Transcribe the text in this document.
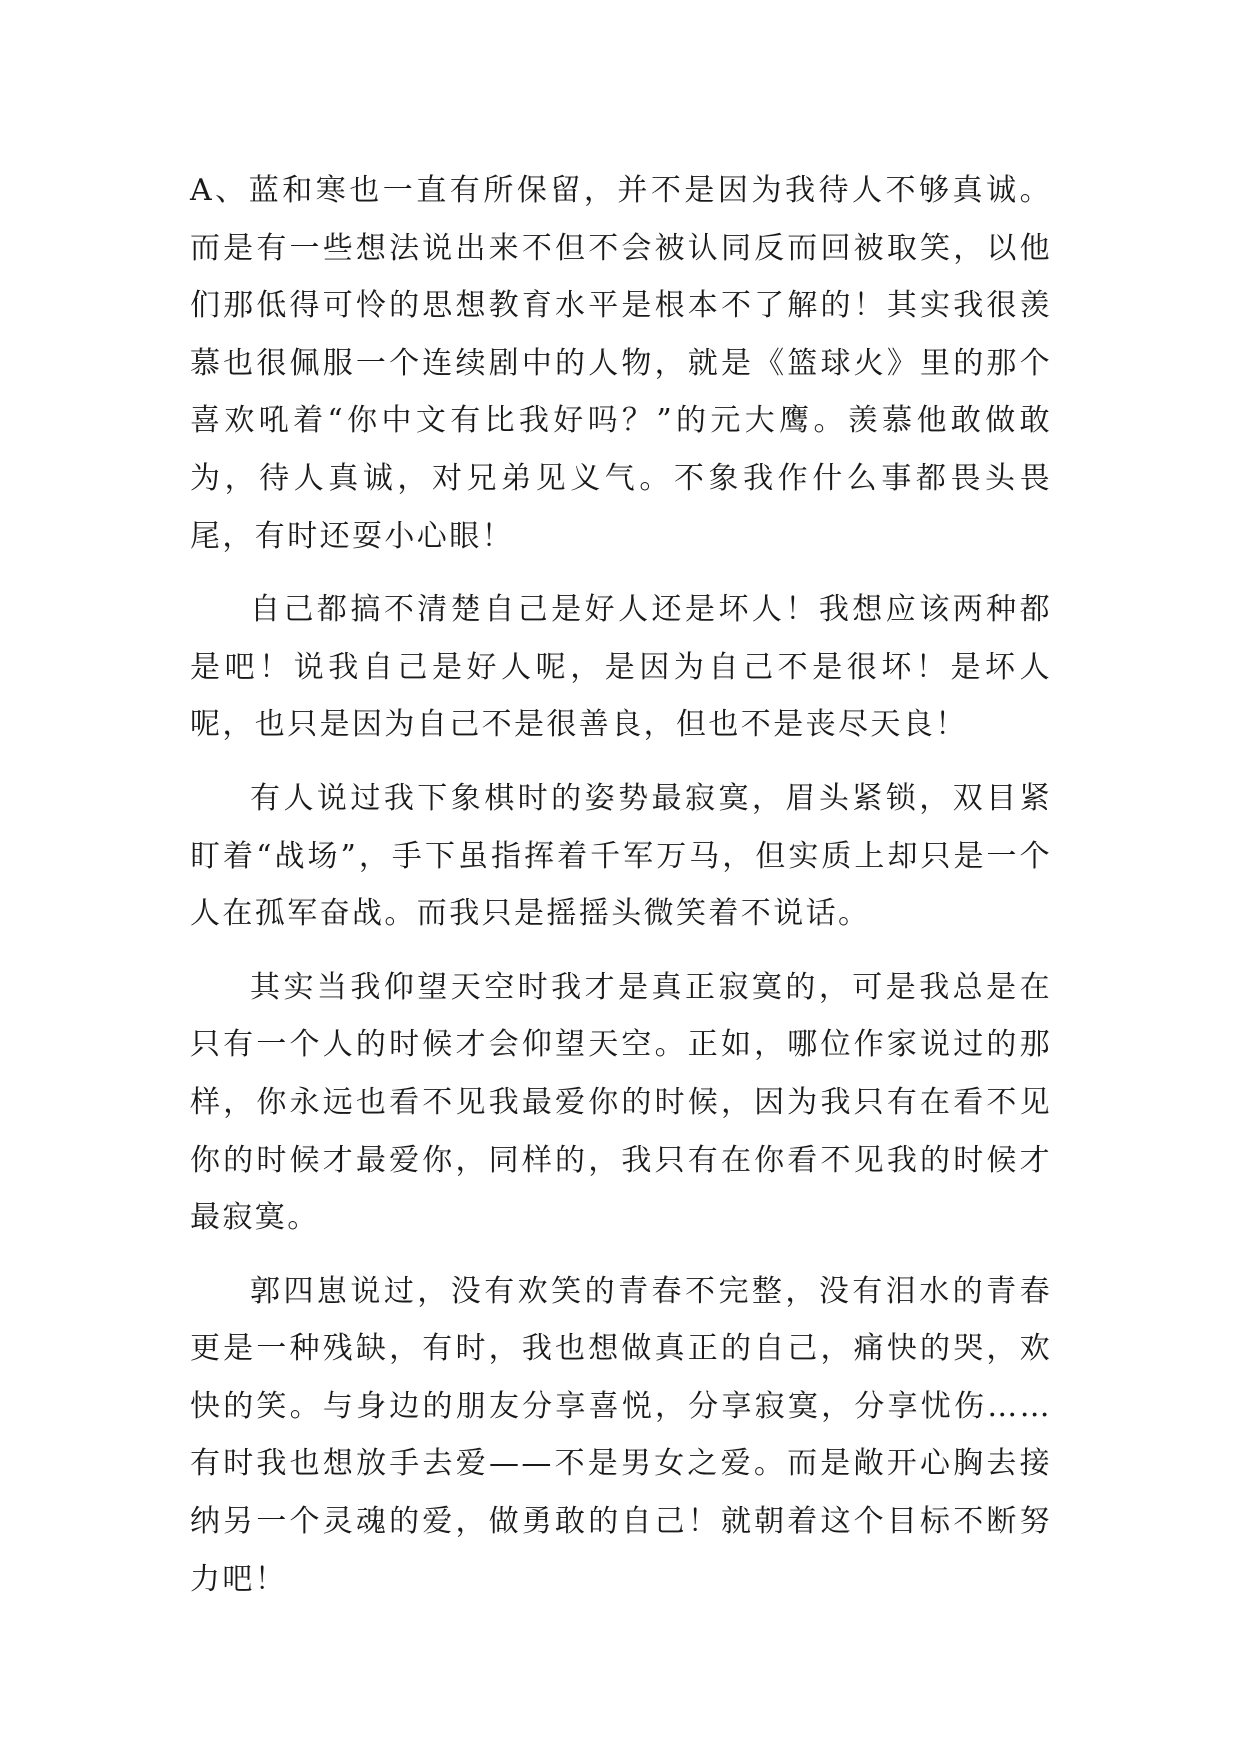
A、蓝和寒也一直有所保留，并不是因为我待人不够真诚。而是有一些想法说出来不但不会被认同反而回被取笑，以他们那低得可怜的思想教育水平是根本不了解的！其实我很羡慕也很佩服一个连续剧中的人物，就是《篮球火》里的那个喜欢吼着“你中文有比我好吗？”的元大鹰。羡慕他敢做敢为，待人真诚，对兄弟见义气。不象我作什么事都畏头畏尾，有时还耍小心眼！

自己都搞不清楚自己是好人还是坏人！我想应该两种都是吧！说我自己是好人呢，是因为自己不是很坏！是坏人呢，也只是因为自己不是很善良，但也不是丧尽天良！

有人说过我下象棋时的姿势最寂寞，眉头紧锁，双目紧盯着“战场”，手下虽指挥着千军万马，但实质上却只是一个人在孤军奋战。而我只是摇摇头微笑着不说话。

其实当我仰望天空时我才是真正寂寞的，可是我总是在只有一个人的时候才会仰望天空。正如，哪位作家说过的那样，你永远也看不见我最爱你的时候，因为我只有在看不见你的时候才最爱你，同样的，我只有在你看不见我的时候才最寂寞。

郭四崽说过，没有欢笑的青春不完整，没有泪水的青春更是一种残缺，有时，我也想做真正的自己，痛快的哭，欢快的笑。与身边的朋友分享喜悦，分享寂寞，分享忧伤……有时我也想放手去爱——不是男女之爱。而是敞开心胸去接纳另一个灵魂的爱，做勇敢的自己！就朝着这个目标不断努力吧！
